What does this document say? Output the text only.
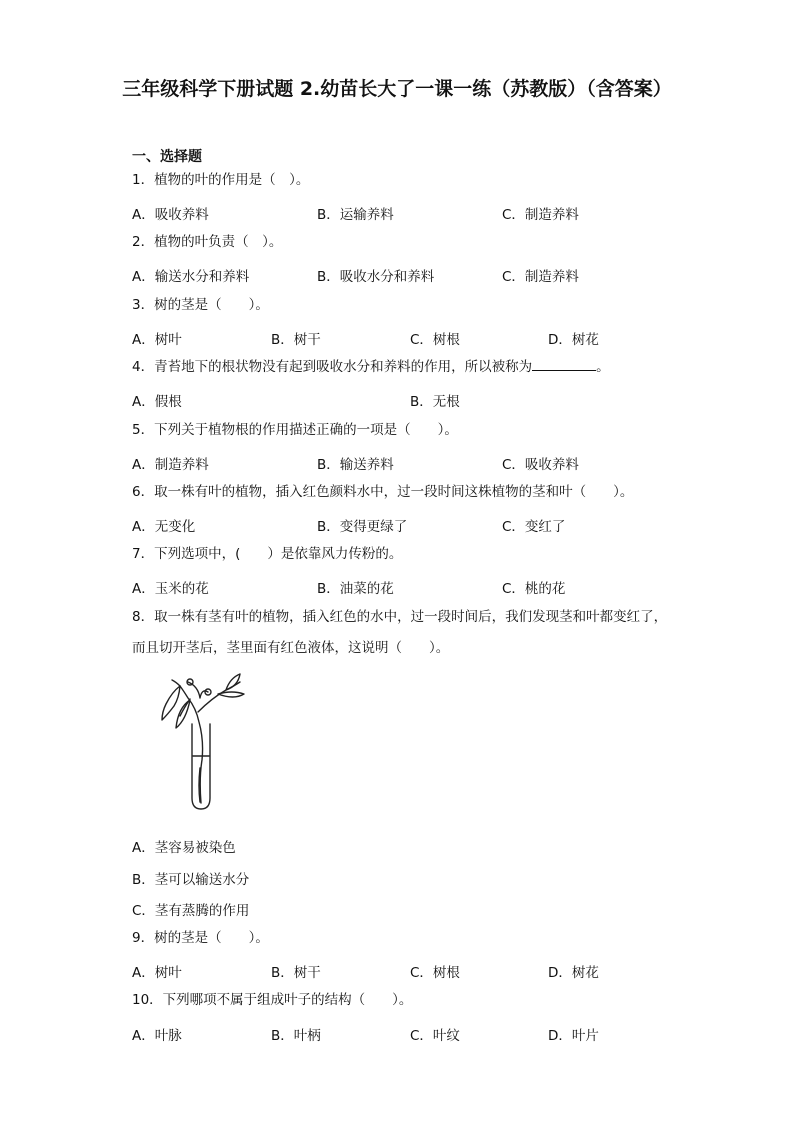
三年级科学下册试题 2.幼苗长大了一课一练（苏教版）（含答案）
一、选择题
1．植物的叶的作用是（　）。
A．吸收养料	B．运输养料	C．制造养料
2．植物的叶负责（　）。
A．输送水分和养料	B．吸收水分和养料	C．制造养料
3．树的茎是（　　）。
A．树叶	B．树干	C．树根	D．树花
4．青苔地下的根状物没有起到吸收水分和养料的作用，所以被称为	。
A．假根	B．无根
5．下列关于植物根的作用描述正确的一项是（　　）。
A．制造养料	B．输送养料	C．吸收养料
6．取一株有叶的植物，插入红色颜料水中，过一段时间这株植物的茎和叶（　　）。
A．无变化	B．变得更绿了	C．变红了
7．下列选项中，(　　）是依靠风力传粉的。
A．玉米的花	B．油菜的花	C．桃的花
8．取一株有茎有叶的植物，插入红色的水中，过一段时间后，我们发现茎和叶都变红了，而且切开茎后，茎里面有红色液体，这说明（　　）。
A．茎容易被染色
B．茎可以输送水分
C．茎有蒸腾的作用
9．树的茎是（　　）。
A．树叶	B．树干	C．树根	D．树花
10．下列哪项不属于组成叶子的结构（　　）。
A．叶脉	B．叶柄	C．叶纹	D．叶片
